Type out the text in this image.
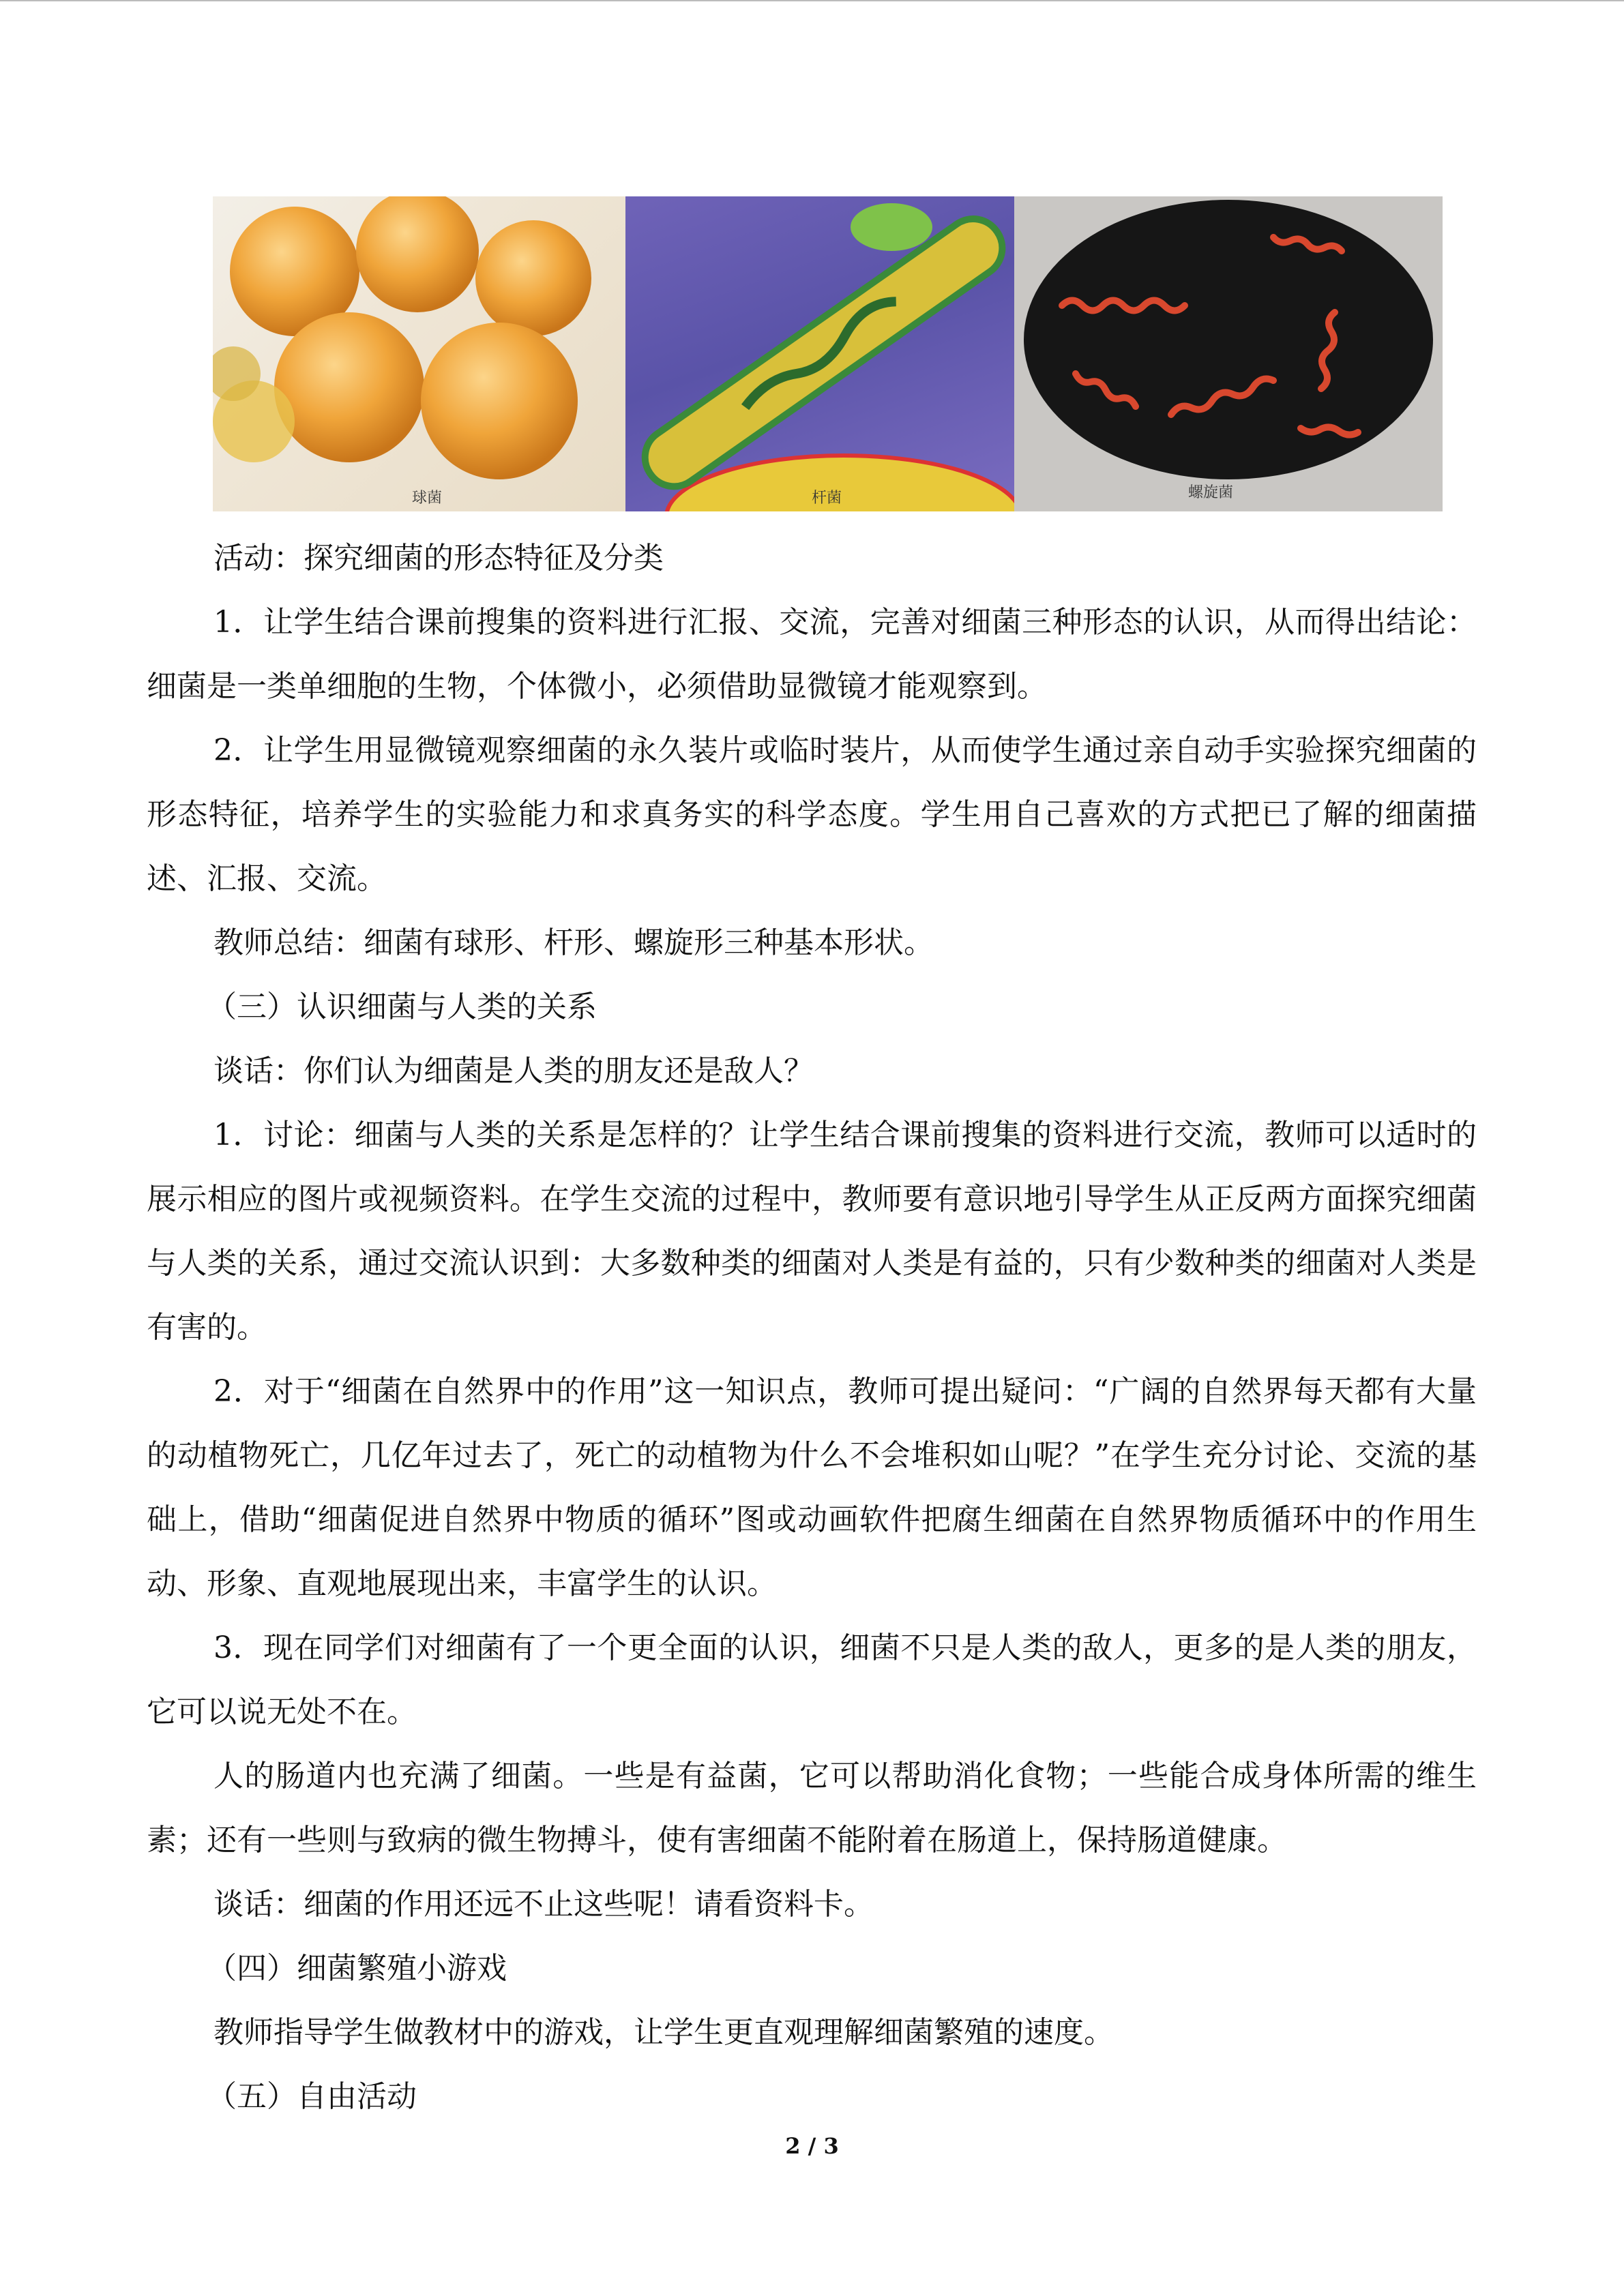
球菌	杆菌	螺旋菌

活动：探究细菌的形态特征及分类

1．让学生结合课前搜集的资料进行汇报、交流，完善对细菌三种形态的认识，从而得出结论：细菌是一类单细胞的生物，个体微小，必须借助显微镜才能观察到。

2．让学生用显微镜观察细菌的永久装片或临时装片，从而使学生通过亲自动手实验探究细菌的形态特征，培养学生的实验能力和求真务实的科学态度。学生用自己喜欢的方式把已了解的细菌描述、汇报、交流。

教师总结：细菌有球形、杆形、螺旋形三种基本形状。

（三）认识细菌与人类的关系

谈话：你们认为细菌是人类的朋友还是敌人？

1．讨论：细菌与人类的关系是怎样的？让学生结合课前搜集的资料进行交流，教师可以适时的展示相应的图片或视频资料。在学生交流的过程中，教师要有意识地引导学生从正反两方面探究细菌与人类的关系，通过交流认识到：大多数种类的细菌对人类是有益的，只有少数种类的细菌对人类是有害的。

2．对于“细菌在自然界中的作用”这一知识点，教师可提出疑问：“广阔的自然界每天都有大量的动植物死亡，几亿年过去了，死亡的动植物为什么不会堆积如山呢？”在学生充分讨论、交流的基础上，借助“细菌促进自然界中物质的循环”图或动画软件把腐生细菌在自然界物质循环中的作用生动、形象、直观地展现出来，丰富学生的认识。

3．现在同学们对细菌有了一个更全面的认识，细菌不只是人类的敌人，更多的是人类的朋友，它可以说无处不在。

人的肠道内也充满了细菌。一些是有益菌，它可以帮助消化食物；一些能合成身体所需的维生素；还有一些则与致病的微生物搏斗，使有害细菌不能附着在肠道上，保持肠道健康。

谈话：细菌的作用还远不止这些呢！请看资料卡。

（四）细菌繁殖小游戏

教师指导学生做教材中的游戏，让学生更直观理解细菌繁殖的速度。

（五）自由活动

2 / 3
